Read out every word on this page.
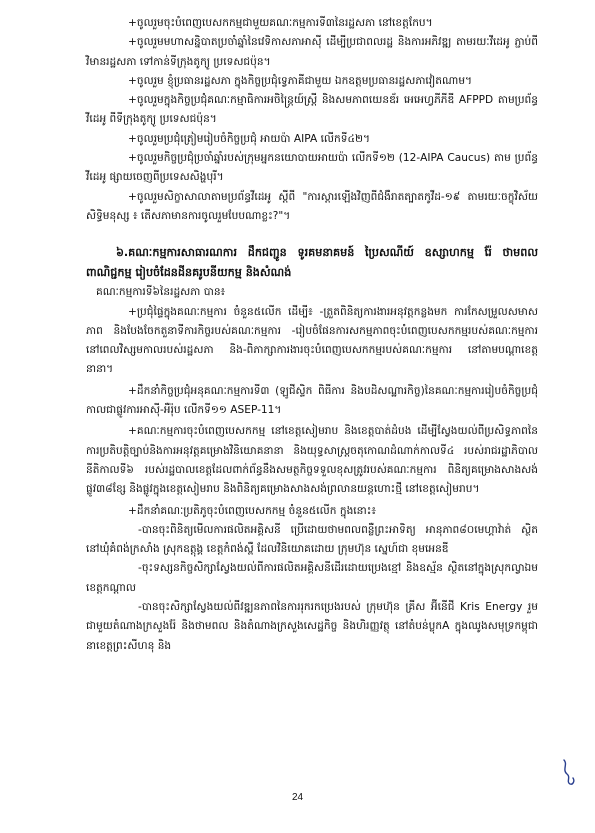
+ចូលរួមចុះបំពេញបេសកកម្មជាមួយគណៈកម្មការទី៣នៃរដ្ឋសភា នៅខេត្តកែប។

+ចូលរួមមហាសន្និបាតប្រចាំឆ្នាំនៃវេទិកាសភាអាស៊ី ដើម្បីប្រជាពលរដ្ឋ និងការអភិវឌ្ឍ តាមរយៈវីដេអូ ភ្ជាប់ពីវិមានរដ្ឋសភា ទៅកាន់ទីក្រុងតូក្យូ ប្រទេសជប៉ុន។

+ចូលរួម ខ្ញុំប្រធានរដ្ឋសភា ក្នុងកិច្ចប្រជុំទ្វេភាគីជាមួយ ឯកឧត្តមប្រធានរដ្ឋសភាវៀតណាម។

+ចូលរួមក្នុងកិច្ចប្រជុំគណៈកម្មាធិការអចិន្ត្រៃយ៍ស្ត្រី និងសមភាពយេនឌ័រ អេអេហ្វភីភីឌី AFPPD តាមប្រព័ន្ធវីដេអូ ពីទីក្រុងតូក្យូ ប្រទេសជប៉ុន។

+ចូលរួមប្រជុំត្រៀមរៀបចំកិច្ចប្រជុំ អាយប៉ា AIPA លើកទី៤២។

+ចូលរួមកិច្ចប្រជុំប្រចាំឆ្នាំរបស់ក្រុមអ្នកនយោបាយអាយប៉ា លើកទី១២ (12-AIPA Caucus) តាម ប្រព័ន្ធវីដេអូ ផ្សាយចេញពីប្រទេសសិង្ហបុរី។

+ចូលរួមសិក្ខាសាលាតាមប្រព័ន្ធវីដេអូ ស្តីពី "ការស្តារឡើងវិញពីជំងឺរាតត្បាតកូវីដ-១៩ តាមរយៈចក្ខុវិស័យសិទ្ធិមនុស្ស ៖ តើសភាមានការចូលរួមបែបណាខ្លះ?"។

៦.គណៈកម្មការសាធារណការ ដឹកជញ្ជូន ទូរគមនាគមន៍ ប្រៃសណីយ៍ ឧស្សាហកម្ម រ៉ែ ថាមពល ពាណិជ្ជកម្ម រៀបចំដែនដីនគរូបនីយកម្ម និងសំណង់

គណៈកម្មការទី៦នៃរដ្ឋសភា បាន៖

+ប្រជុំផ្ទៃក្នុងគណៈកម្មការ ចំនួន៥លើក ដើម្បី៖ -ត្រួតពិនិត្យការងារអនុវត្តកន្លងមក ការកែសម្រួលសមាសភាព និងបែងចែកតួនាទីការកិច្ចរបស់គណៈកម្មការ -រៀបចំផែនការសកម្មភាពចុះបំពេញបេសកកម្មរបស់គណៈកម្មការនៅពេលវិស្សមកាលរបស់រដ្ឋសភា និង-ពិភាក្សាការងារចុះបំពេញបេសកកម្មរបស់គណៈកម្មការ នៅតាមបណ្តាខេត្តនានា។

+ដឹកនាំកិច្ចប្រជុំអនុគណៈកម្មការទី៣ (ឡូជីស្ទិក ពិធីការ និងបដិសណ្ឋារកិច្ច)នៃគណៈកម្មការរៀបចំកិច្ចប្រជុំកាលជាផ្លូវការអាស៊ី-អឺរ៉ុប លើកទី១១ ASEP-11។

+គណៈកម្មការចុះបំពេញបេសកកម្ម នៅខេត្តសៀមរាប និងខេត្តបាត់ដំបង ដើម្បីស្វែងយល់ពីប្រសិទ្ធភាពនៃការប្រតិបត្តិច្បាប់និងការអនុវត្តគម្រោងវិនិយោគនានា និងយុទ្ធសាស្ត្រចតុកោណដំណាក់កាលទី៤ របស់រាជរដ្ឋាភិបាលនីតិកាលទី៦ របស់រដ្ឋបាលខេត្តដែលពាក់ព័ន្ធនឹងសមត្ថកិច្ចទទួលខុសត្រូវរបស់គណៈកម្មការ ពិនិត្យគម្រោងសាងសង់ផ្លូវ៣៨ខ្សែ និងផ្លូវក្នុងខេត្តសៀមរាប និងពិនិត្យគម្រោងសាងសង់ព្រលានយន្តហោះថ្មី នៅខេត្តសៀមរាប។

+ដឹកនាំគណៈប្រតិភូចុះបំពេញបេសកកម្ម ចំនួន៥លើក ក្នុងនោះ៖

-បានចុះពិនិត្យមើលការផលិតអគ្គិសនី ប្រើដោយថាមពលពន្លឺព្រះអាទិត្យ អានុភាព៨០មេហ្គាវ៉ាត់ ស្ថិតនៅឃុំគំពង់ក្រសាំង ស្រុកឧត្តុង្គ ខេត្តកំពង់ស្ពឺ ដែលវិនិយោគដោយ ក្រុមហ៊ុន ស្នេហ៍ជា ខុមអេនឌី

-ចុះទស្សនកិច្ចសិក្សាស្វែងយល់ពីការផលិតអគ្គិសនីដើរដោយប្រេងខ្មៅ និងឧស្ម័ន ស្ថិតនៅក្នុងស្រុកល្វាឯម ខេត្តកណ្តាល

-បានចុះសិក្សាស្វែងយល់ពីវឌ្ឍនភាពនៃការរុករកប្រេងរបស់ ក្រុមហ៊ុន គ្រីស អ៊ីនើជី Kris Energy រួមជាមួយតំណាងក្រសួងរ៉ែ និងថាមពល និងតំណាងក្រសួងសេដ្ឋកិច្ច និងហិរញ្ញវត្ថុ នៅតំបន់ប្លុកA ក្នុងឈូងសមុទ្រកម្ពុជា នាខេត្តព្រះសីហនុ និង

24
